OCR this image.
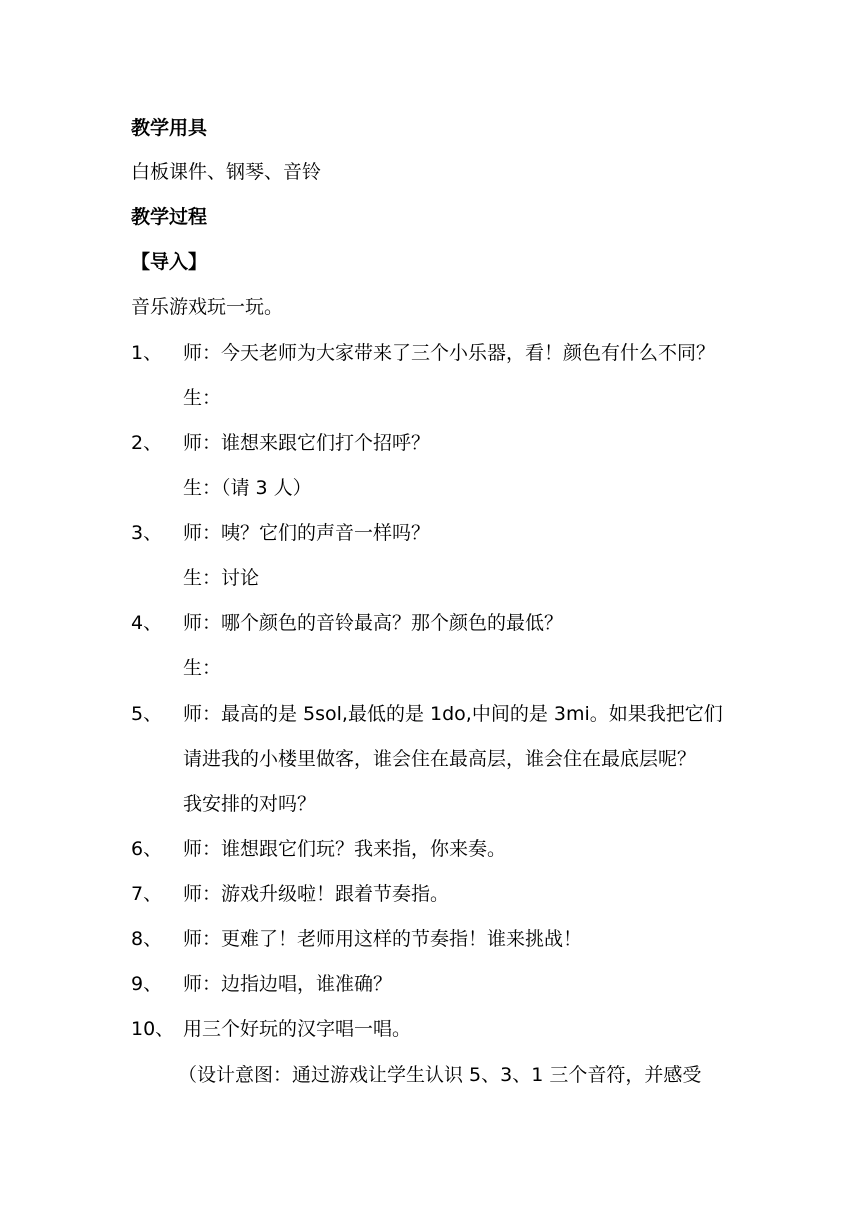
教学用具
白板课件、钢琴、音铃
教学过程
【导入】
音乐游戏玩一玩。
1、 师：今天老师为大家带来了三个小乐器，看！颜色有什么不同？
生：
2、 师：谁想来跟它们打个招呼？
生：（请 3 人）
3、 师：咦？它们的声音一样吗？
生：讨论
4、 师：哪个颜色的音铃最高？那个颜色的最低？
生：
5、 师：最高的是 5sol,最低的是 1do,中间的是 3mi。如果我把它们
请进我的小楼里做客，谁会住在最高层，谁会住在最底层呢？
我安排的对吗？
6、 师：谁想跟它们玩？我来指，你来奏。
7、 师：游戏升级啦！跟着节奏指。
8、 师：更难了！老师用这样的节奏指！谁来挑战！
9、 师：边指边唱，谁准确？
10、 用三个好玩的汉字唱一唱。
（设计意图：通过游戏让学生认识 5、3、1 三个音符，并感受
